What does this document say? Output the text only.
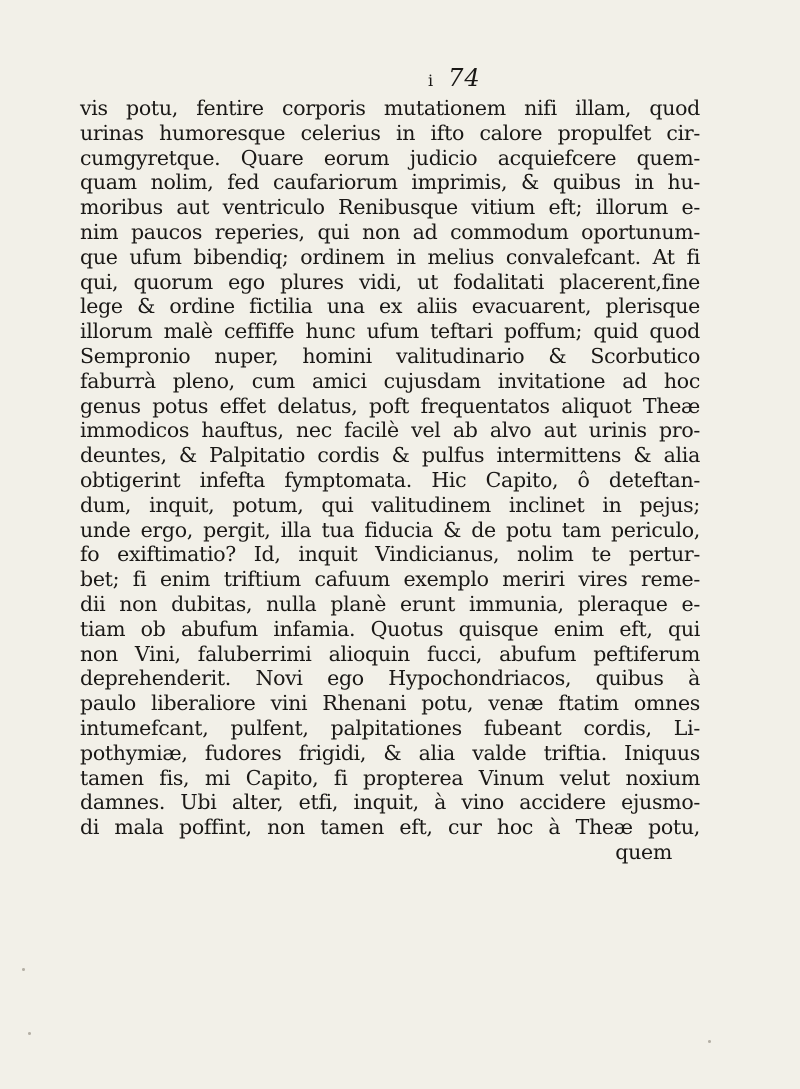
i 74
vis potu, fentire corporis mutationem nifi illam, quod
urinas humoresque celerius in ifto calore propulfet cir-
cumgyretque. Quare eorum judicio acquiefcere quem-
quam nolim, fed caufariorum imprimis, & quibus in hu-
moribus aut ventriculo Renibusque vitium eft; illorum e-
nim paucos reperies, qui non ad commodum oportunum-
que ufum bibendiq; ordinem in melius convalefcant. At fi
qui, quorum ego plures vidi, ut fodalitati placerent,fine
lege & ordine fictilia una ex aliis evacuarent, plerisque
illorum malè ceffiffe hunc ufum teftari poffum; quid quod
Sempronio nuper, homini valitudinario & Scorbutico
faburrà pleno, cum amici cujusdam invitatione ad hoc
genus potus effet delatus, poft frequentatos aliquot Theæ
immodicos hauftus, nec facilè vel ab alvo aut urinis pro-
deuntes, & Palpitatio cordis & pulfus intermittens & alia
obtigerint infefta fymptomata. Hic Capito, ô deteftan-
dum, inquit, potum, qui valitudinem inclinet in pejus;
unde ergo, pergit, illa tua fiducia & de potu tam periculo,
fo exiftimatio? Id, inquit Vindicianus, nolim te pertur-
bet; fi enim triftium cafuum exemplo meriri vires reme-
dii non dubitas, nulla planè erunt immunia, pleraque e-
tiam ob abufum infamia. Quotus quisque enim eft, qui
non Vini, faluberrimi alioquin fucci, abufum peftiferum
deprehenderit. Novi ego Hypochondriacos, quibus à
paulo liberaliore vini Rhenani potu, venæ ftatim omnes
intumefcant, pulfent, palpitationes fubeant cordis, Li-
pothymiæ, fudores frigidi, & alia valde triftia. Iniquus
tamen fis, mi Capito, fi propterea Vinum velut noxium
damnes. Ubi alter, etfi, inquit, à vino accidere ejusmo-
di mala poffint, non tamen eft, cur hoc à Theæ potu,
quem
